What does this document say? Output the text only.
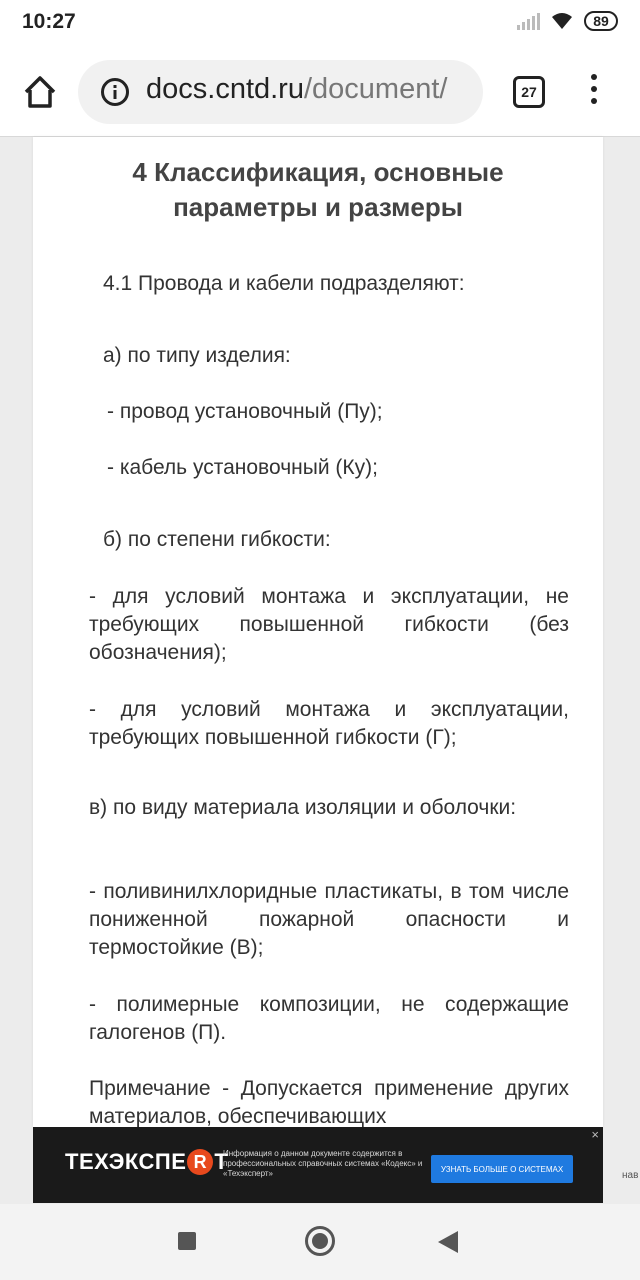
10:27	89
docs.cntd.ru/document/	27
4 Классификация, основные
параметры и размеры
4.1 Провода и кабели подразделяют:
а) по типу изделия:
- провод установочный (Пу);
- кабель установочный (Ку);
б) по степени гибкости:
- для условий монтажа и эксплуатации, не требующих повышенной гибкости (без обозначения);
- для условий монтажа и эксплуатации, требующих повышенной гибкости (Г);
в) по виду материала изоляции и оболочки:
- поливинилхлоридные пластикаты, в том числе пониженной пожарной опасности и термостойкие (В);
- полимерные композиции, не содержащие галогенов (П).
Примечание - Допускается применение других материалов, обеспечивающих
ТЕХЭКСПЕ R Т
Информация о данном документе содержится в профессиональных справочных системах «Кодекс» и «Техэксперт»	УЗНАТЬ БОЛЬШЕ О СИСТЕМАХ
×
нав
